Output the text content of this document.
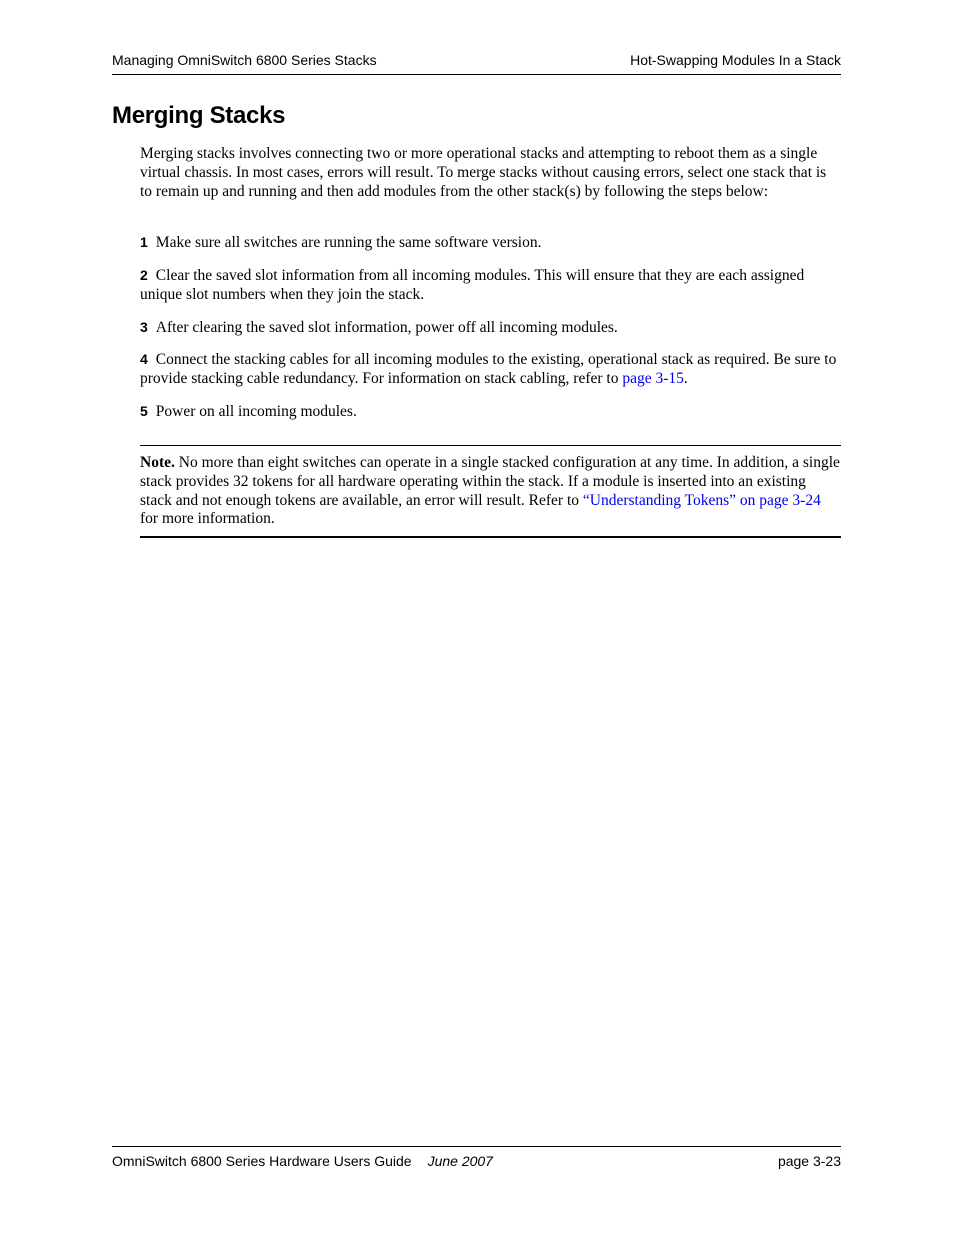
Managing OmniSwitch 6800 Series Stacks	Hot-Swapping Modules In a Stack
Merging Stacks

Merging stacks involves connecting two or more operational stacks and attempting to reboot them as a single virtual chassis. In most cases, errors will result. To merge stacks without causing errors, select one stack that is to remain up and running and then add modules from the other stack(s) by following the steps below:

1 Make sure all switches are running the same software version.

2 Clear the saved slot information from all incoming modules. This will ensure that they are each assigned unique slot numbers when they join the stack.

3 After clearing the saved slot information, power off all incoming modules.

4 Connect the stacking cables for all incoming modules to the existing, operational stack as required. Be sure to provide stacking cable redundancy. For information on stack cabling, refer to page 3-15.

5 Power on all incoming modules.

Note. No more than eight switches can operate in a single stacked configuration at any time. In addition, a single stack provides 32 tokens for all hardware operating within the stack. If a module is inserted into an existing stack and not enough tokens are available, an error will result. Refer to “Understanding Tokens” on page 3-24 for more information.

OmniSwitch 6800 Series Hardware Users Guide June 2007	page 3-23
